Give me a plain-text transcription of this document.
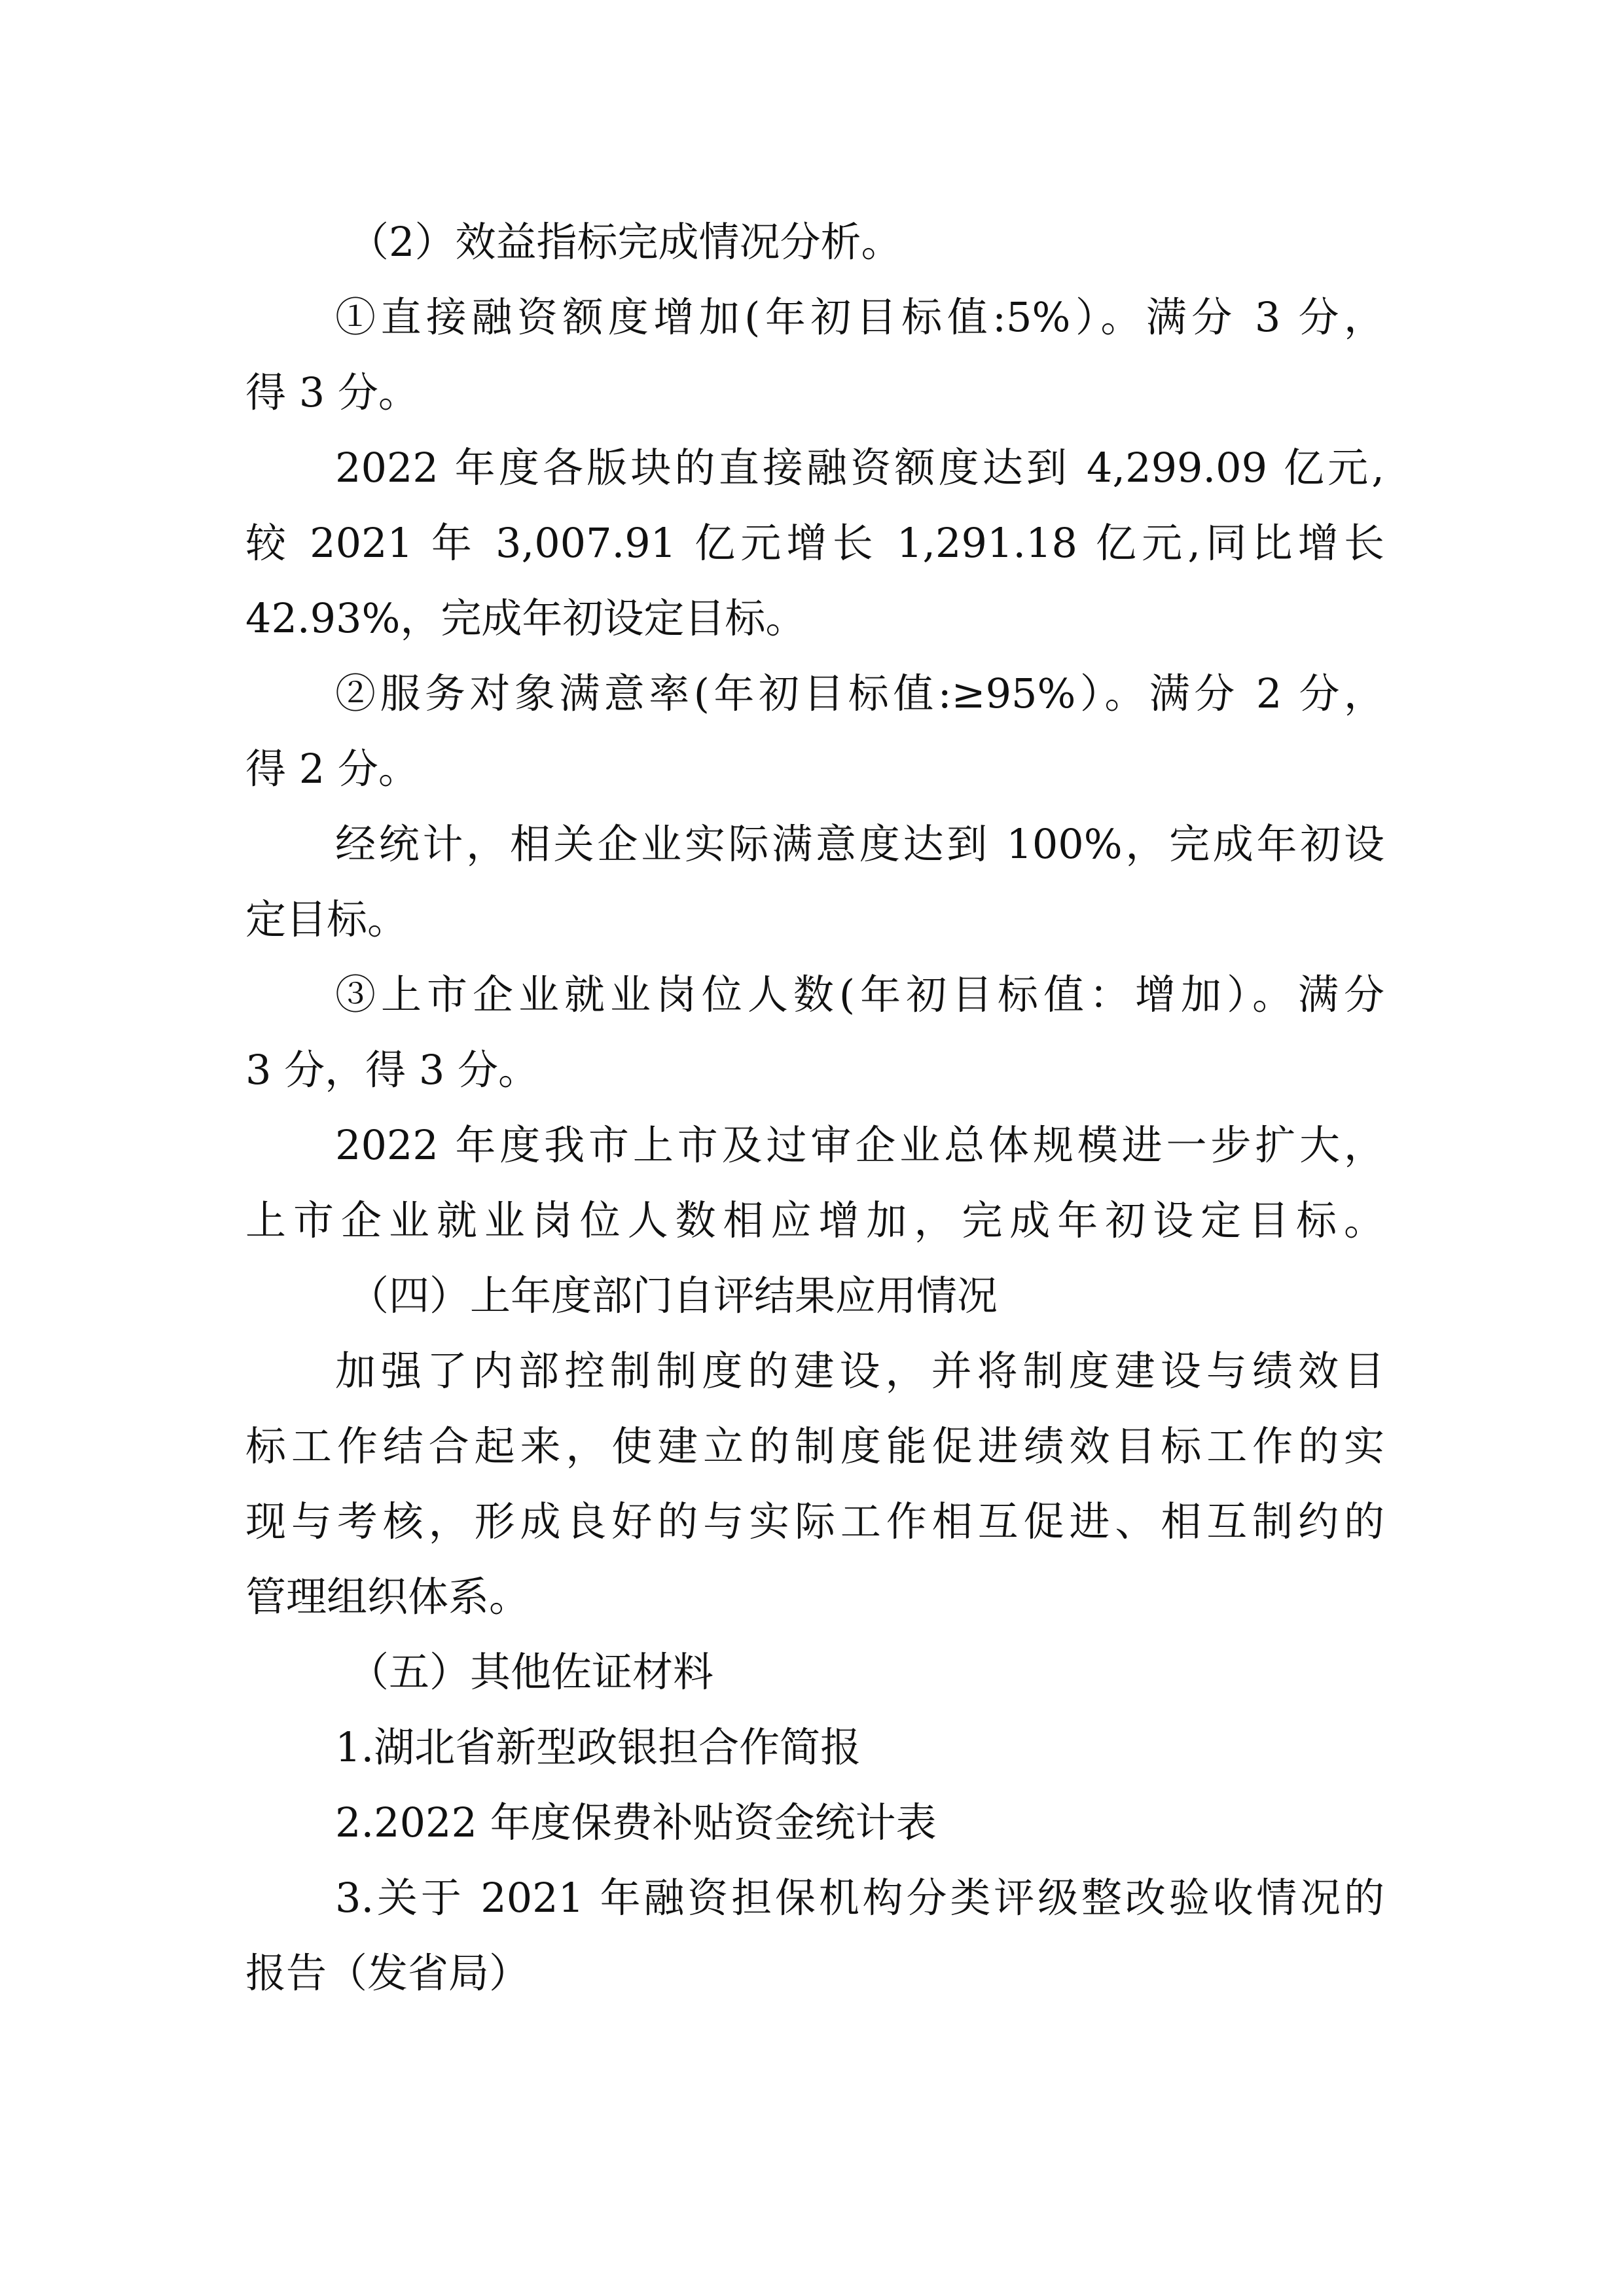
（2）效益指标完成情况分析。
①直接融资额度增加(年初目标值:5%）。满分 3 分，
得 3 分。
2022 年度各版块的直接融资额度达到 4,299.09 亿元,
较 2021 年 3,007.91 亿元增长 1,291.18 亿元,同比增长
42.93%，完成年初设定目标。
②服务对象满意率(年初目标值:≥95%）。满分 2 分，
得 2 分。
经统计，相关企业实际满意度达到 100%，完成年初设
定目标。
③上市企业就业岗位人数(年初目标值：增加）。满分
3 分，得 3 分。
2022 年度我市上市及过审企业总体规模进一步扩大，
上市企业就业岗位人数相应增加，完成年初设定目标。
（四）上年度部门自评结果应用情况
加强了内部控制制度的建设，并将制度建设与绩效目
标工作结合起来，使建立的制度能促进绩效目标工作的实
现与考核，形成良好的与实际工作相互促进、相互制约的
管理组织体系。
（五）其他佐证材料
1.湖北省新型政银担合作简报
2.2022 年度保费补贴资金统计表
3.关于 2021 年融资担保机构分类评级整改验收情况的
报告（发省局）
